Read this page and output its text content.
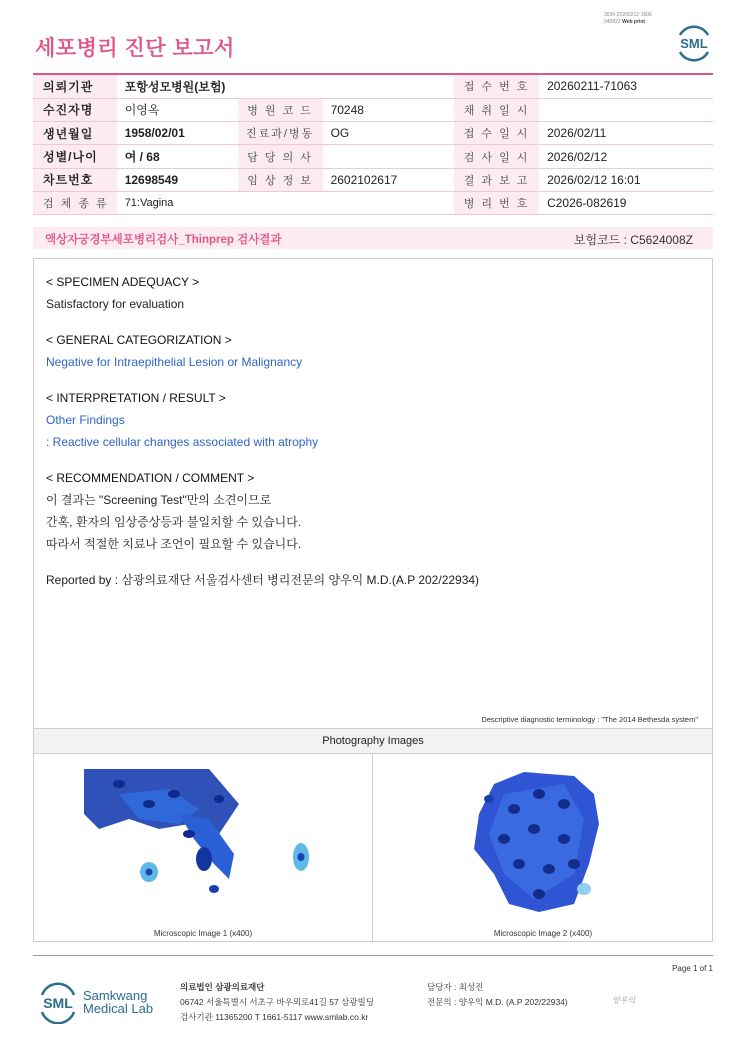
3036-20260212-1606
040822 Web print
세포병리 진단 보고서	SML
의뢰기관	포항성모병원(보험)			접 수 번 호	20260211-71063
수진자명	이영옥	병 원 코 드	70248	채 취 일 시	
생년월일	1958/02/01	진료과/병동	OG	접 수 일 시	2026/02/11
성별/나이	여 / 68	담 당 의 사		검 사 일 시	2026/02/12
차트번호	12698549	임 상 정 보	2602102617	결 과 보 고	2026/02/12 16:01
검 체 종 류	71:Vagina			병 리 번 호	C2026-082619
액상자궁경부세포병리검사_Thinprep 검사결과	보험코드 : C5624008Z
< SPECIMEN ADEQUACY >
Satisfactory for evaluation
< GENERAL CATEGORIZATION >
Negative for Intraepithelial Lesion or Malignancy
< INTERPRETATION / RESULT >
Other Findings
: Reactive cellular changes associated with atrophy
< RECOMMENDATION / COMMENT >
이 결과는 "Screening Test"만의 소견이므로
간혹, 환자의 임상증상등과 불일치할 수 있습니다.
따라서 적절한 치료나 조언이 필요할 수 있습니다.
Reported by : 삼광의료재단 서울검사센터 병리전문의 양우익 M.D.(A.P 202/22934)
Descriptive diagnostic terminology : "The 2014 Bethesda system"
Photography Images
Microscopic Image 1 (x400)	Microscopic Image 2 (x400)
Page 1 of 1
SML Samkwang
Medical Lab
의료법인 삼광의료재단
06742 서울특별시 서초구 바우뫼로41길 57 삼광빌딩
검사기관 11365200 T 1661-5117 www.smlab.co.kr
담당자 : 최성진
전문의 : 양우익 M.D. (A.P 202/22934)	양우익
